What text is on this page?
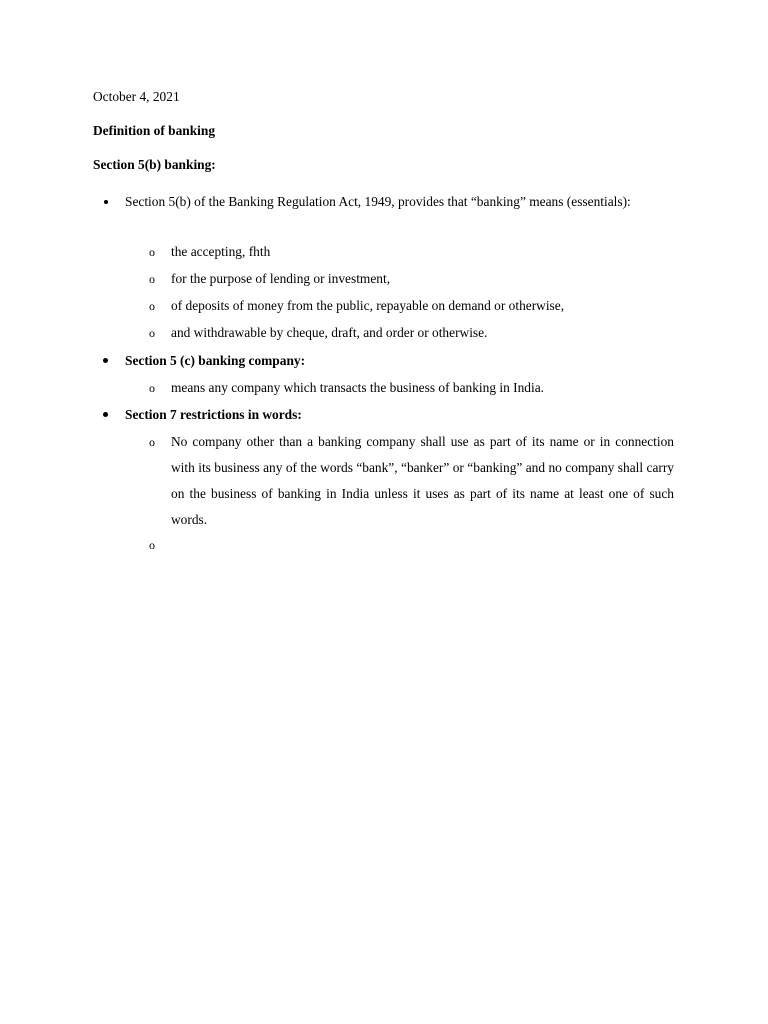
October 4, 2021
Definition of banking
Section 5(b) banking:
Section 5(b) of the Banking Regulation Act, 1949, provides that “banking” means (essentials):
o the accepting, fhth
o for the purpose of lending or investment,
o of deposits of money from the public, repayable on demand or otherwise,
o and withdrawable by cheque, draft, and order or otherwise.
Section 5 (c) banking company:
o means any company which transacts the business of banking in India.
Section 7 restrictions in words:
o No company other than a banking company shall use as part of its name or in connection with its business any of the words “bank”, “banker” or “banking” and no company shall carry on the business of banking in India unless it uses as part of its name at least one of such words.
o
